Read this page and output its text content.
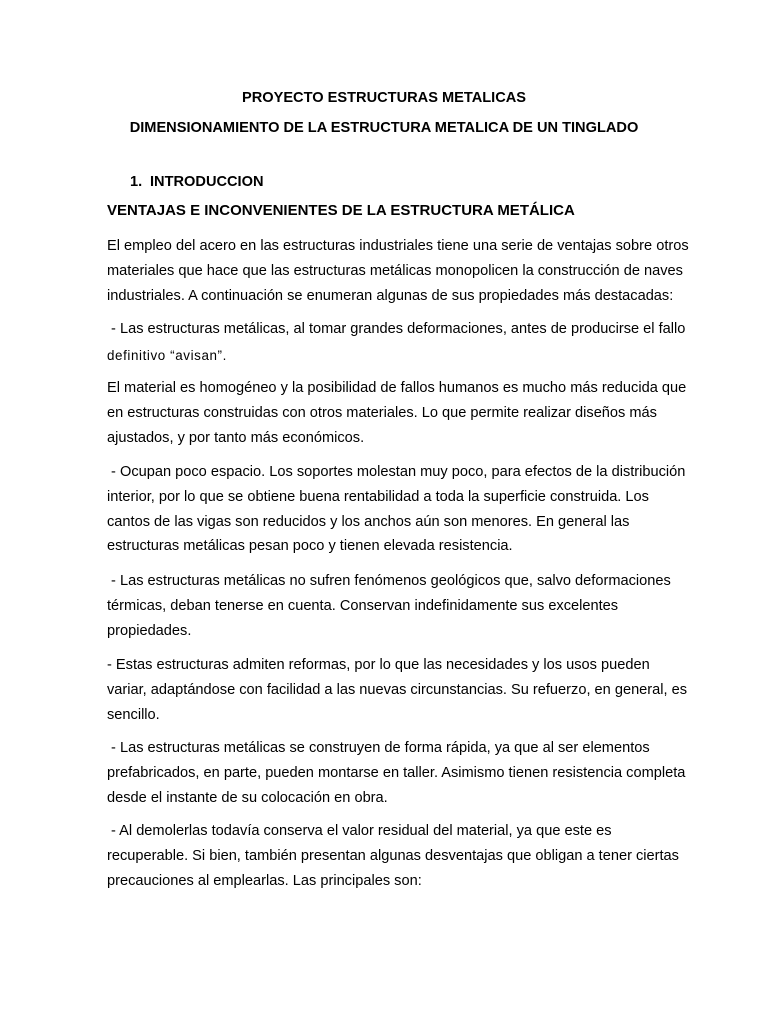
PROYECTO ESTRUCTURAS METALICAS
DIMENSIONAMIENTO DE LA ESTRUCTURA METALICA DE UN TINGLADO
1. INTRODUCCION
VENTAJAS E INCONVENIENTES DE LA ESTRUCTURA METÁLICA
El empleo del acero en las estructuras industriales tiene una serie de ventajas sobre otros
materiales que hace que las estructuras metálicas monopolicen la construcción de naves
industriales. A continuación se enumeran algunas de sus propiedades más destacadas:
- Las estructuras metálicas, al tomar grandes deformaciones, antes de producirse el fallo
definitivo “avisan”.
El material es homogéneo y la posibilidad de fallos humanos es mucho más reducida que
en estructuras construidas con otros materiales. Lo que permite realizar diseños más
ajustados, y por tanto más económicos.
- Ocupan poco espacio. Los soportes molestan muy poco, para efectos de la distribución
interior, por lo que se obtiene buena rentabilidad a toda la superficie construida. Los
cantos de las vigas son reducidos y los anchos aún son menores. En general las
estructuras metálicas pesan poco y tienen elevada resistencia.
- Las estructuras metálicas no sufren fenómenos geológicos que, salvo deformaciones
térmicas, deban tenerse en cuenta. Conservan indefinidamente sus excelentes
propiedades.
- Estas estructuras admiten reformas, por lo que las necesidades y los usos pueden
variar, adaptándose con facilidad a las nuevas circunstancias. Su refuerzo, en general, es
sencillo.
- Las estructuras metálicas se construyen de forma rápida, ya que al ser elementos
prefabricados, en parte, pueden montarse en taller. Asimismo tienen resistencia completa
desde el instante de su colocación en obra.
- Al demolerlas todavía conserva el valor residual del material, ya que este es
recuperable. Si bien, también presentan algunas desventajas que obligan a tener ciertas
precauciones al emplearlas. Las principales son:
